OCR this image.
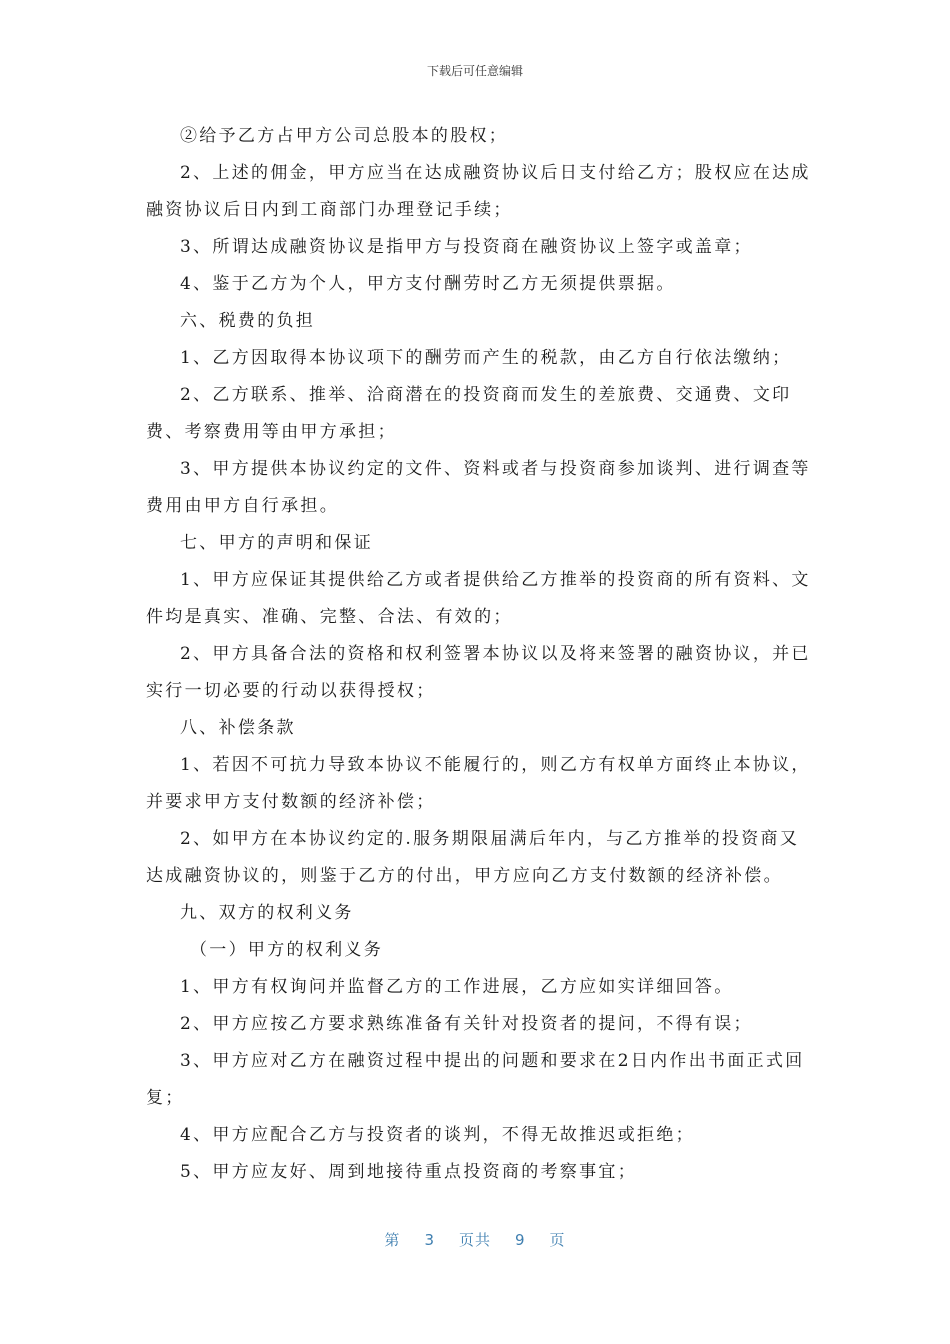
下载后可任意编辑

②给予乙方占甲方公司总股本的股权；

2、上述的佣金，甲方应当在达成融资协议后日支付给乙方；股权应在达成融资协议后日内到工商部门办理登记手续；

3、所谓达成融资协议是指甲方与投资商在融资协议上签字或盖章；

4、鉴于乙方为个人，甲方支付酬劳时乙方无须提供票据。

六、税费的负担

1、乙方因取得本协议项下的酬劳而产生的税款，由乙方自行依法缴纳；

2、乙方联系、推举、洽商潜在的投资商而发生的差旅费、交通费、文印费、考察费用等由甲方承担；

3、甲方提供本协议约定的文件、资料或者与投资商参加谈判、进行调查等费用由甲方自行承担。

七、甲方的声明和保证

1、甲方应保证其提供给乙方或者提供给乙方推举的投资商的所有资料、文件均是真实、准确、完整、合法、有效的；

2、甲方具备合法的资格和权利签署本协议以及将来签署的融资协议，并已实行一切必要的行动以获得授权；

八、补偿条款

1、若因不可抗力导致本协议不能履行的，则乙方有权单方面终止本协议，并要求甲方支付数额的经济补偿；

2、如甲方在本协议约定的.服务期限届满后年内，与乙方推举的投资商又达成融资协议的，则鉴于乙方的付出，甲方应向乙方支付数额的经济补偿。

九、双方的权利义务

（一）甲方的权利义务

1、甲方有权询问并监督乙方的工作进展，乙方应如实详细回答。

2、甲方应按乙方要求熟练准备有关针对投资者的提问，不得有误；

3、甲方应对乙方在融资过程中提出的问题和要求在2日内作出书面正式回复；

4、甲方应配合乙方与投资者的谈判，不得无故推迟或拒绝；

5、甲方应友好、周到地接待重点投资商的考察事宜；

第 3 页共 9 页
